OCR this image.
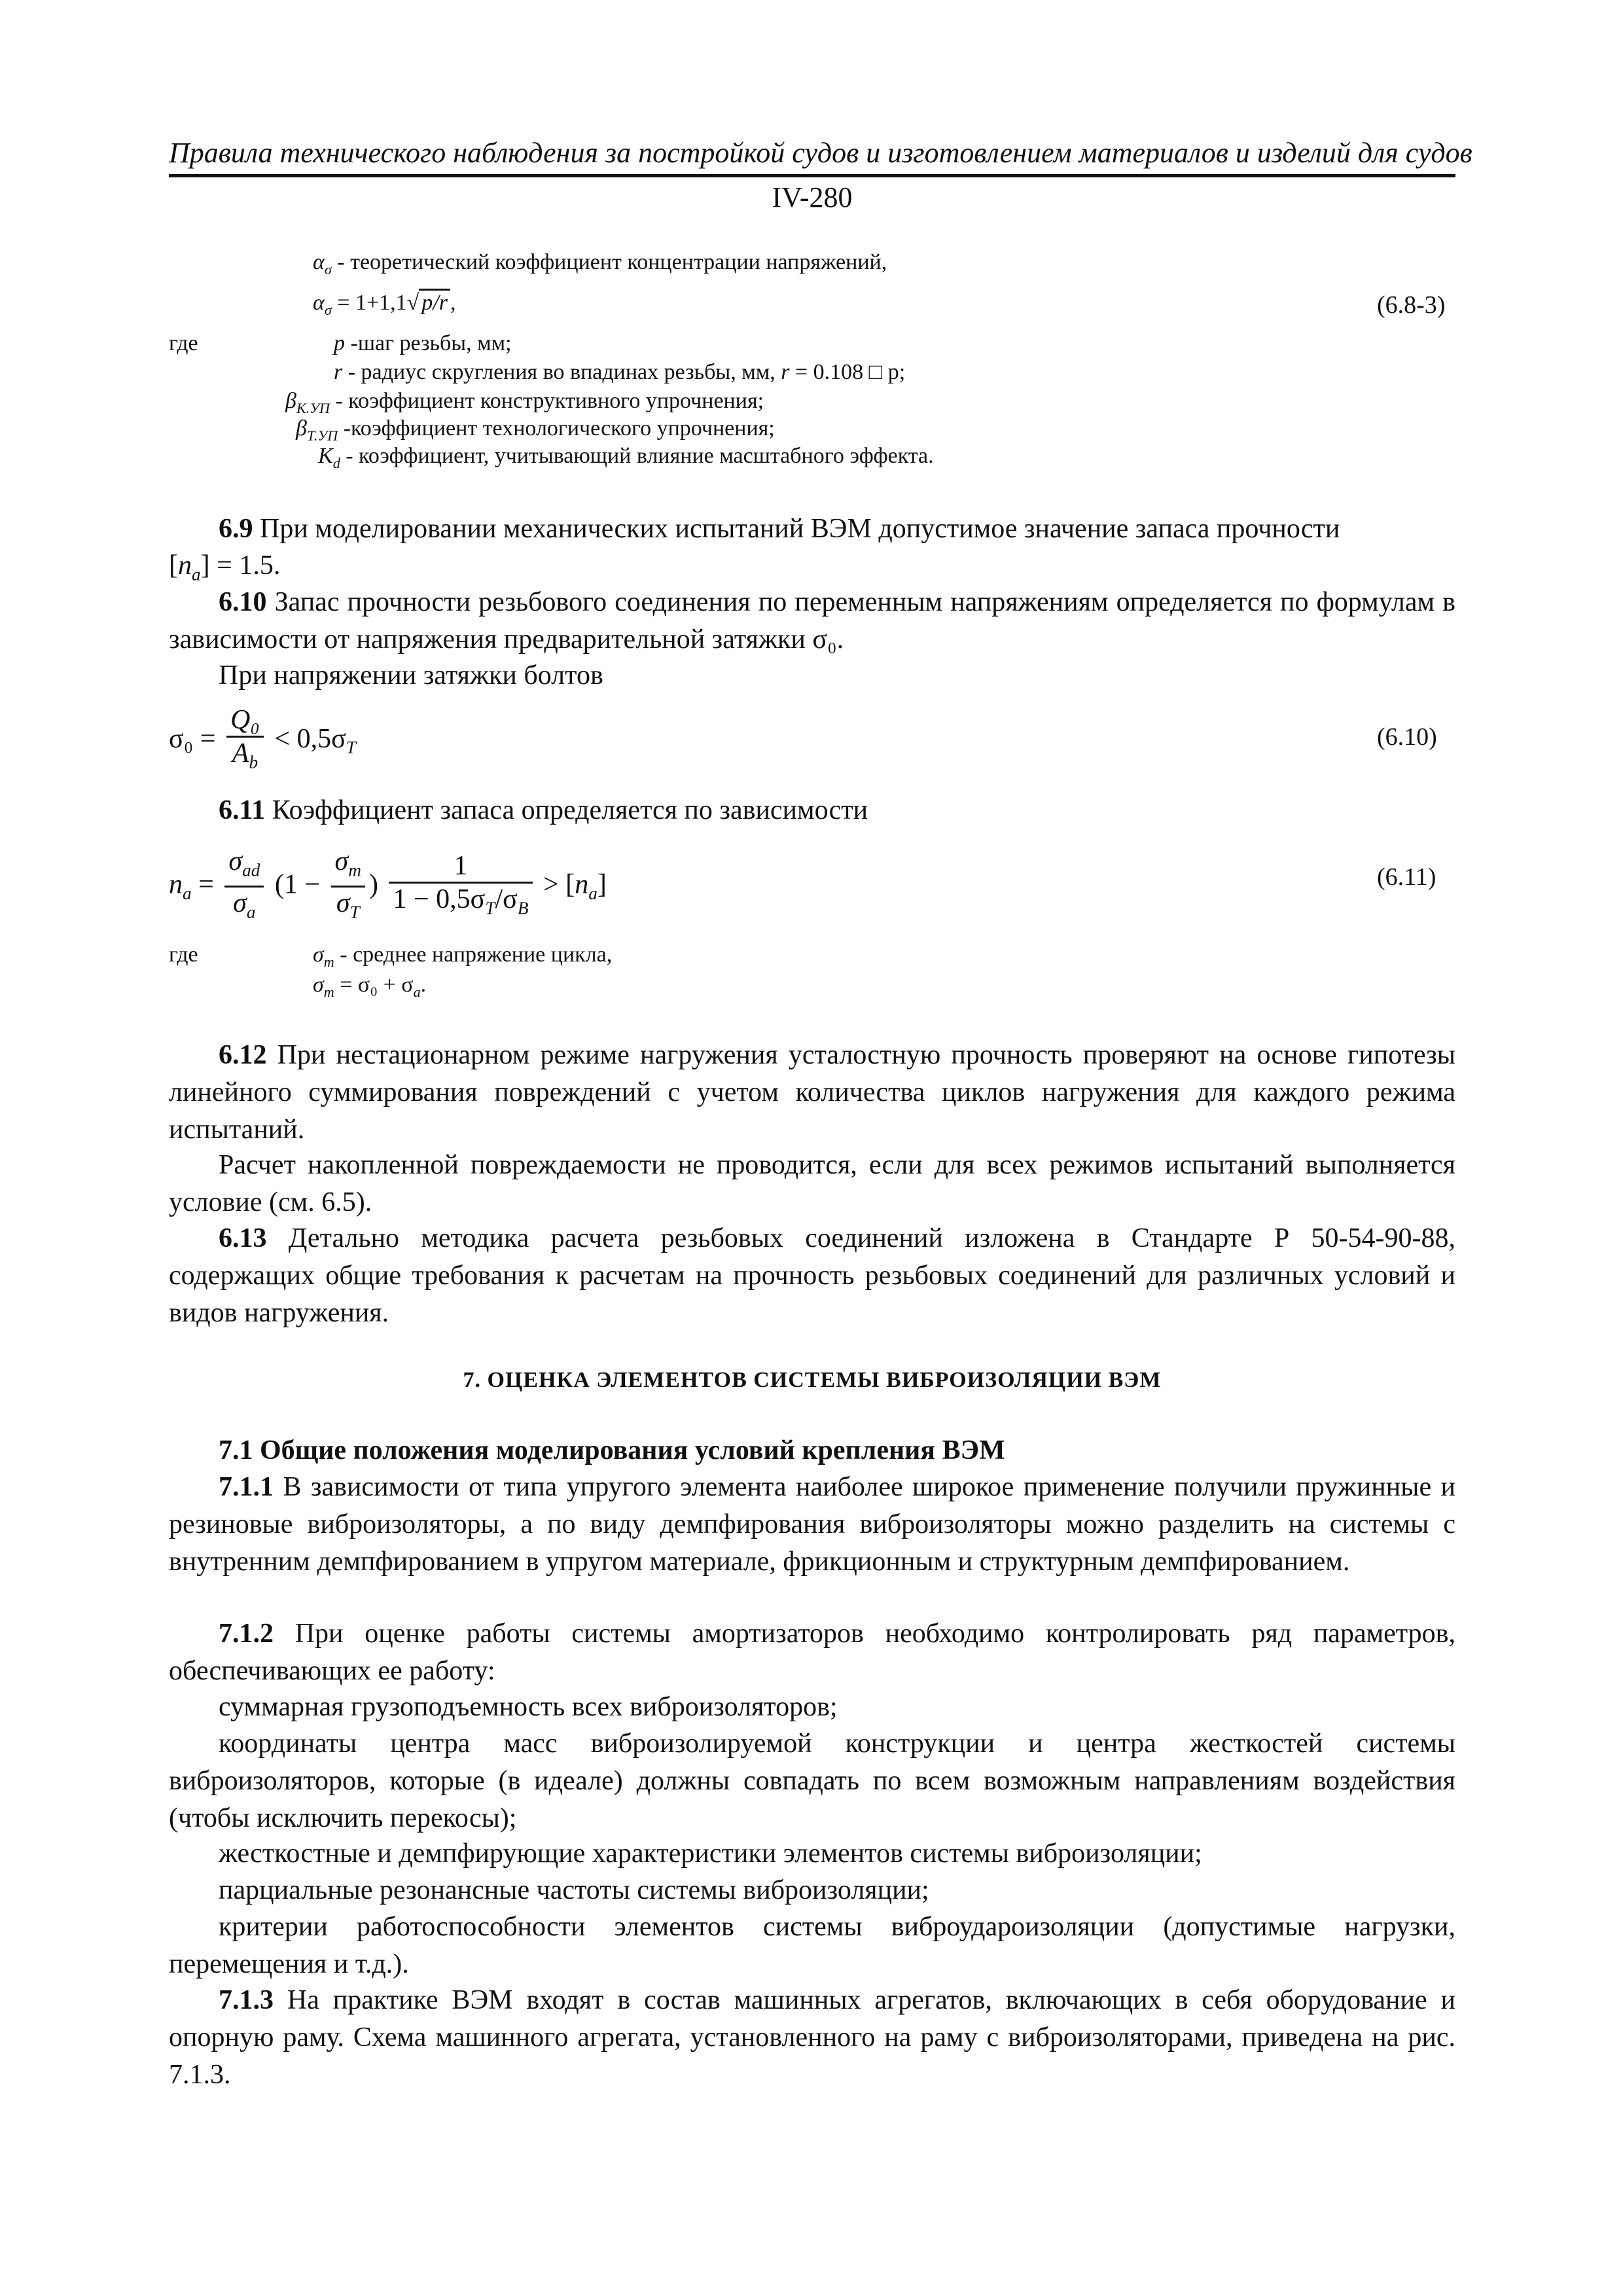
Правила технического наблюдения за постройкой судов и изготовлением материалов и изделий для судов
IV-280
$\alpha_\sigma$ - теоретический коэффициент концентрации напряжений,
$\alpha_\sigma = 1+1,1√$ p/r ,	(6.8-3)
где	p -шаг резьбы, мм;
r - радиус скругления во впадинах резьбы, мм, r = 0.108 □ р;
$\beta_{К.УП}$ - коэффициент конструктивного упрочнения;
$\beta_{Т.УП}$ -коэффициент технологического упрочнения;
$K_d$ - коэффициент, учитывающий влияние масштабного эффекта.
6.9 При моделировании механических испытаний ВЭМ допустимое значение запаса прочности
$[n_a] = 1.5$.
6.10 Запас прочности резьбового соединения по переменным напряжениям определяется по формулам в зависимости от напряжения предварительной затяжки σ₀.
При напряжении затяжки болтов
$\sigma_0 = \frac{\text{Q₀}}{A_b} < 0,5\sigma_T$	(6.10)
6.11 Коэффициент запаса определяется по зависимости
$n_a = \frac{\sigma_{ad}}{\sigma_a} (1 - \frac{\sigma_m}{\sigma_T}$ ) $\frac{1}{1 - 0,5\sigma_T/\sigma_B} > [n_a]$	(6.11)
где	$\sigma_m$ - среднее напряжение цикла,
$\sigma_m = \sigma_0 + \sigma_a$.
6.12 При нестационарном режиме нагружения усталостную прочность проверяют на основе гипотезы линейного суммирования повреждений с учетом количества циклов нагружения для каждого режима испытаний.
Расчет накопленной повреждаемости не проводится, если для всех режимов испытаний выполняется условие (см. 6.5).
6.13 Детально методика расчета резьбовых соединений изложена в Стандарте Р 50-54-90-88, содержащих общие требования к расчетам на прочность резьбовых соединений для различных условий и видов нагружения.
7. ОЦЕНКА ЭЛЕМЕНТОВ СИСТЕМЫ ВИБРОИЗОЛЯЦИИ ВЭМ
7.1 Общие положения моделирования условий крепления ВЭМ
7.1.1 В зависимости от типа упругого элемента наиболее широкое применение получили пружинные и резиновые виброизоляторы, а по виду демпфирования виброизоляторы можно разделить на системы с внутренним демпфированием в упругом материале, фрикционным и структурным демпфированием.
7.1.2 При оценке работы системы амортизаторов необходимо контролировать ряд параметров, обеспечивающих ее работу:
суммарная грузоподъемность всех виброизоляторов;
координаты центра масс виброизолируемой конструкции и центра жесткостей системы виброизоляторов, которые (в идеале) должны совпадать по всем возможным направлениям воздействия (чтобы исключить перекосы);
жесткостные и демпфирующие характеристики элементов системы виброизоляции;
парциальные резонансные частоты системы виброизоляции;
критерии работоспособности элементов системы виброударoизоляции (допустимые нагрузки, перемещения и т.д.).
7.1.3 На практике ВЭМ входят в состав машинных агрегатов, включающих в себя оборудование и опорную раму. Схема машинного агрегата, установленного на раму с виброизоляторами, приведена на рис. 7.1.3.
